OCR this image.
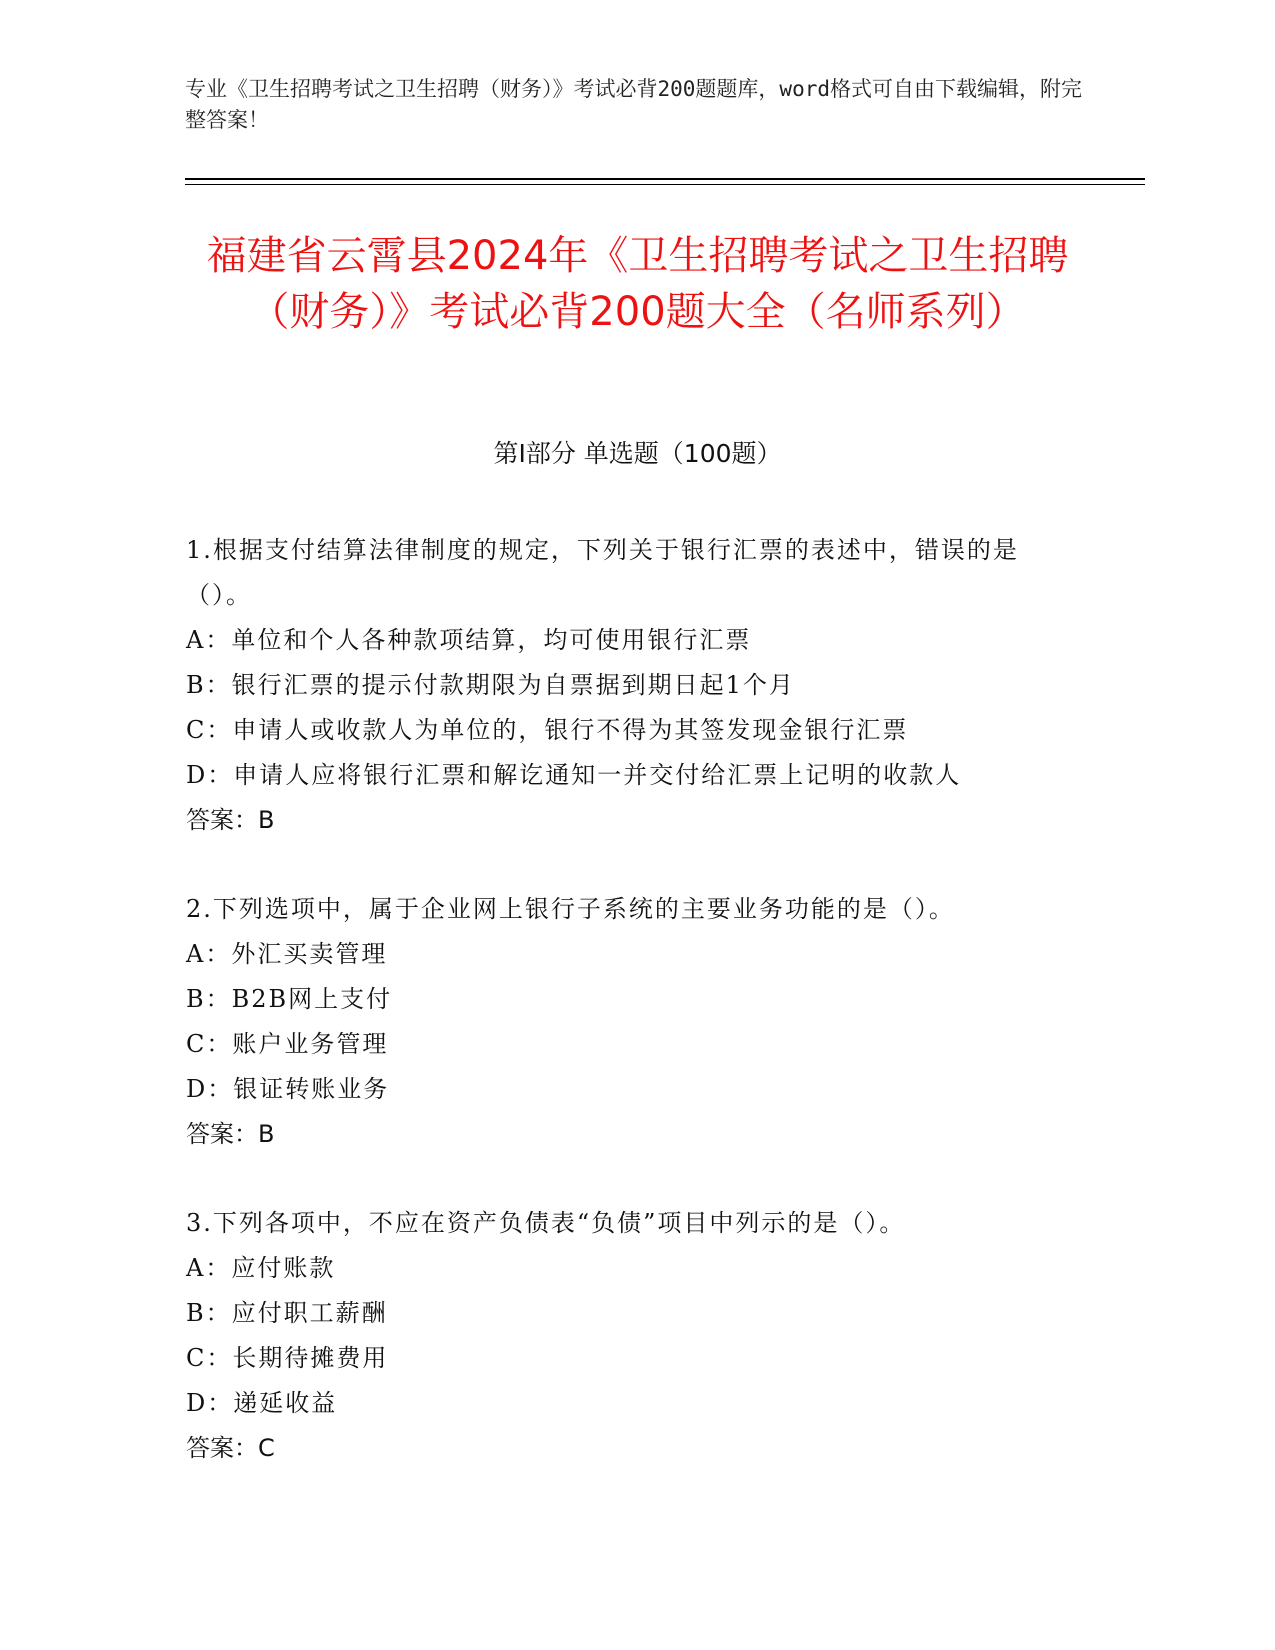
专业《卫生招聘考试之卫生招聘（财务）》考试必背200题题库，word格式可自由下载编辑，附完整答案！
福建省云霄县2024年《卫生招聘考试之卫生招聘（财务）》考试必背200题大全（名师系列）
第Ⅰ部分 单选题（100题）
1.根据支付结算法律制度的规定，下列关于银行汇票的表述中，错误的是（）。
A：单位和个人各种款项结算，均可使用银行汇票
B：银行汇票的提示付款期限为自票据到期日起1个月
C：申请人或收款人为单位的，银行不得为其签发现金银行汇票
D：申请人应将银行汇票和解讫通知一并交付给汇票上记明的收款人
答案：B
2.下列选项中，属于企业网上银行子系统的主要业务功能的是（）。
A：外汇买卖管理
B：B2B网上支付
C：账户业务管理
D：银证转账业务
答案：B
3.下列各项中，不应在资产负债表“负债”项目中列示的是（）。
A：应付账款
B：应付职工薪酬
C：长期待摊费用
D：递延收益
答案：C
